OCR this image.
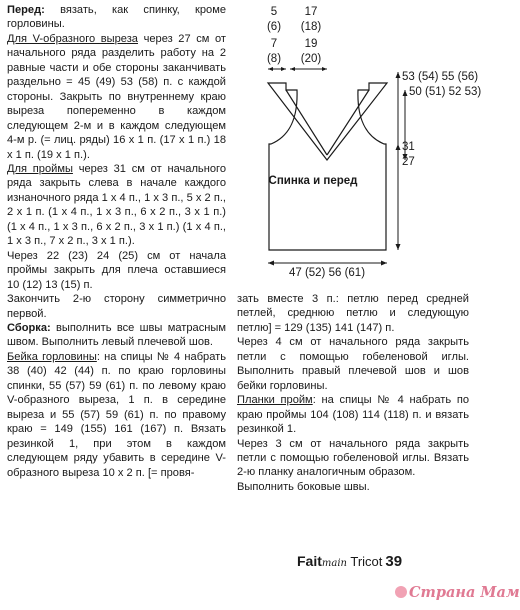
Перед: вязать, как спинку, кроме горловины.

Для V-образного выреза через 27 см от начального ряда разделить работу на 2 равные части и обе стороны заканчивать раздельно = 45 (49) 53 (58) п. с каждой стороны. Закрыть по внутреннему краю выреза попеременно в каждом следующем 2-м и в каждом следующем 4-м р. (= лиц. ряды) 16 x 1 п. (17 x 1 п.) 18 x 1 п. (19 x 1 п.).

Для проймы через 31 см от начального ряда закрыть слева в начале каждого изнаночного ряда 1 x 4 п., 1 x 3 п., 5 x 2 п., 2 x 1 п. (1 x 4 п., 1 x 3 п., 6 x 2 п., 3 x 1 п.) (1 x 4 п., 1 x 3 п., 6 x 2 п., 3 x 1 п.) (1 x 4 п., 1 x 3 п., 7 x 2 п., 3 x 1 п.).

Через 22 (23) 24 (25) см от начала проймы закрыть для плеча оставшиеся 10 (12) 13 (15) п.

Закончить 2-ю сторону симметрично первой.

Сборка: выполнить все швы матрасным швом. Выполнить левый плечевой шов.

Бейка горловины: на спицы № 4 набрать 38 (40) 42 (44) п. по краю горловины спинки, 55 (57) 59 (61) п. по левому краю V-образного выреза, 1 п. в середине выреза и 55 (57) 59 (61) п. по правому краю = 149 (155) 161 (167) п. Вязать резинкой 1, при этом в каждом следующем ряду убавить в середине V-образного выреза 10 x 2 п. [= провя-

зать вместе 3 п.: петлю перед средней петлей, среднюю петлю и следующую петлю] = 129 (135) 141 (147) п.

Через 4 см от начального ряда закрыть петли с помощью гобеленовой иглы. Выполнить правый плечевой шов и шов бейки горловины.

Планки пройм: на спицы № 4 набрать по краю проймы 104 (108) 114 (118) п. и вязать резинкой 1.

Через 3 см от начального ряда закрыть петли с помощью гобеленовой иглы. Вязать 2-ю планку аналогичным образом.

Выполнить боковые швы.

5 17
(6) (18)
7 19
(8) (20)
53 (54) 55 (56)
50 (51) 52 53)
31
27
47 (52) 56 (61)
Спинка и перед
Faitmain Tricot 39
Страна Мам
